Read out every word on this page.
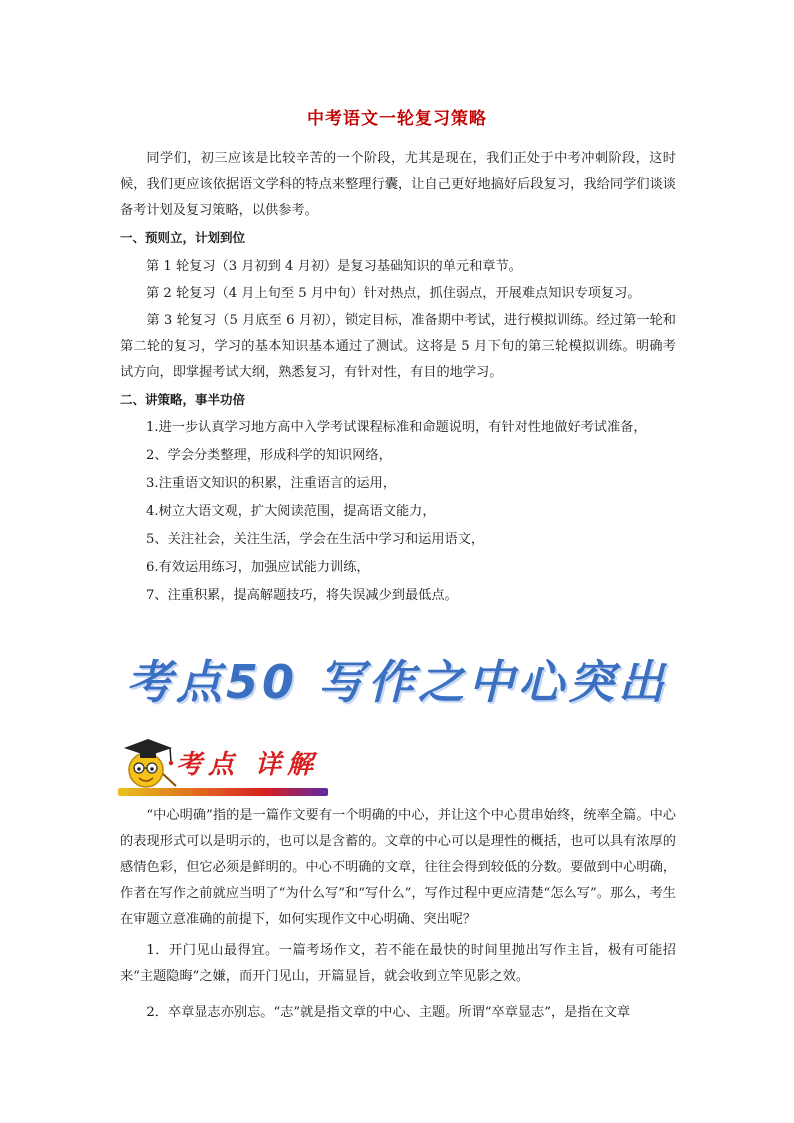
中考语文一轮复习策略

同学们，初三应该是比较辛苦的一个阶段，尤其是现在，我们正处于中考冲刺阶段，这时候，我们更应该依据语文学科的特点来整理行囊，让自己更好地搞好后段复习，我给同学们谈谈备考计划及复习策略，以供参考。

一、预则立，计划到位

第 1 轮复习（3 月初到 4 月初）是复习基础知识的单元和章节。

第 2 轮复习（4 月上旬至 5 月中旬）针对热点，抓住弱点，开展难点知识专项复习。

第 3 轮复习（5 月底至 6 月初），锁定目标，准备期中考试，进行模拟训练。经过第一轮和第二轮的复习，学习的基本知识基本通过了测试。这将是 5 月下旬的第三轮模拟训练。明确考试方向，即掌握考试大纲，熟悉复习，有针对性，有目的地学习。

二、讲策略，事半功倍

1.进一步认真学习地方高中入学考试课程标准和命题说明，有针对性地做好考试准备，

2、学会分类整理，形成科学的知识网络，

3.注重语文知识的积累，注重语言的运用，

4.树立大语文观，扩大阅读范围，提高语文能力，

5、关注社会，关注生活，学会在生活中学习和运用语文，

6.有效运用练习，加强应试能力训练，

7、注重积累，提高解题技巧，将失误减少到最低点。

考点50 写作之中心突出
考点 详解

“中心明确”指的是一篇作文要有一个明确的中心，并让这个中心贯串始终，统率全篇。中心的表现形式可以是明示的，也可以是含蓄的。文章的中心可以是理性的概括，也可以具有浓厚的感情色彩，但它必须是鲜明的。中心不明确的文章，往往会得到较低的分数。要做到中心明确，作者在写作之前就应当明了“为什么写”和“写什么”，写作过程中更应清楚“怎么写”。那么，考生在审题立意准确的前提下，如何实现作文中心明确、突出呢？

1．开门见山最得宜。一篇考场作文，若不能在最快的时间里抛出写作主旨，极有可能招来“主题隐晦”之嫌，而开门见山，开篇显旨，就会收到立竿见影之效。

2．卒章显志亦别忘。“志”就是指文章的中心、主题。所谓“卒章显志”，是指在文章
